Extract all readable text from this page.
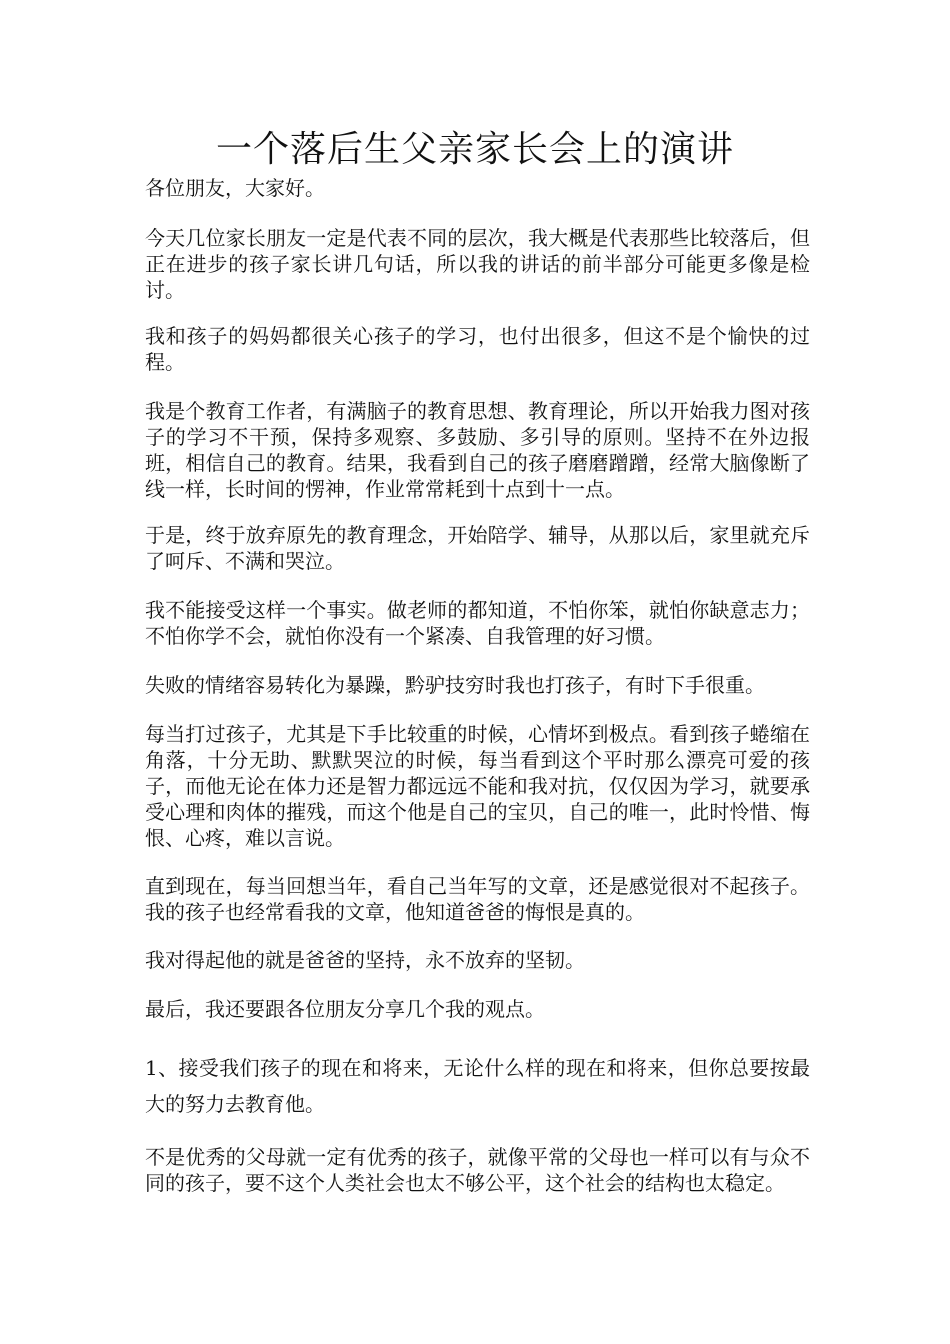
一个落后生父亲家长会上的演讲

各位朋友，大家好。

今天几位家长朋友一定是代表不同的层次，我大概是代表那些比较落后，但正在进步的孩子家长讲几句话，所以我的讲话的前半部分可能更多像是检讨。

我和孩子的妈妈都很关心孩子的学习，也付出很多，但这不是个愉快的过程。

我是个教育工作者，有满脑子的教育思想、教育理论，所以开始我力图对孩子的学习不干预，保持多观察、多鼓励、多引导的原则。坚持不在外边报班，相信自己的教育。结果，我看到自己的孩子磨磨蹭蹭，经常大脑像断了线一样，长时间的愣神，作业常常耗到十点到十一点。

于是，终于放弃原先的教育理念，开始陪学、辅导，从那以后，家里就充斥了呵斥、不满和哭泣。

我不能接受这样一个事实。做老师的都知道，不怕你笨，就怕你缺意志力；不怕你学不会，就怕你没有一个紧凑、自我管理的好习惯。

失败的情绪容易转化为暴躁，黔驴技穷时我也打孩子，有时下手很重。

每当打过孩子，尤其是下手比较重的时候，心情坏到极点。看到孩子蜷缩在角落，十分无助、默默哭泣的时候，每当看到这个平时那么漂亮可爱的孩子，而他无论在体力还是智力都远远不能和我对抗，仅仅因为学习，就要承受心理和肉体的摧残，而这个他是自己的宝贝，自己的唯一，此时怜惜、悔恨、心疼，难以言说。

直到现在，每当回想当年，看自己当年写的文章，还是感觉很对不起孩子。我的孩子也经常看我的文章，他知道爸爸的悔恨是真的。

我对得起他的就是爸爸的坚持，永不放弃的坚韧。

最后，我还要跟各位朋友分享几个我的观点。

1、接受我们孩子的现在和将来，无论什么样的现在和将来，但你总要按最大的努力去教育他。

不是优秀的父母就一定有优秀的孩子，就像平常的父母也一样可以有与众不同的孩子，要不这个人类社会也太不够公平，这个社会的结构也太稳定。
